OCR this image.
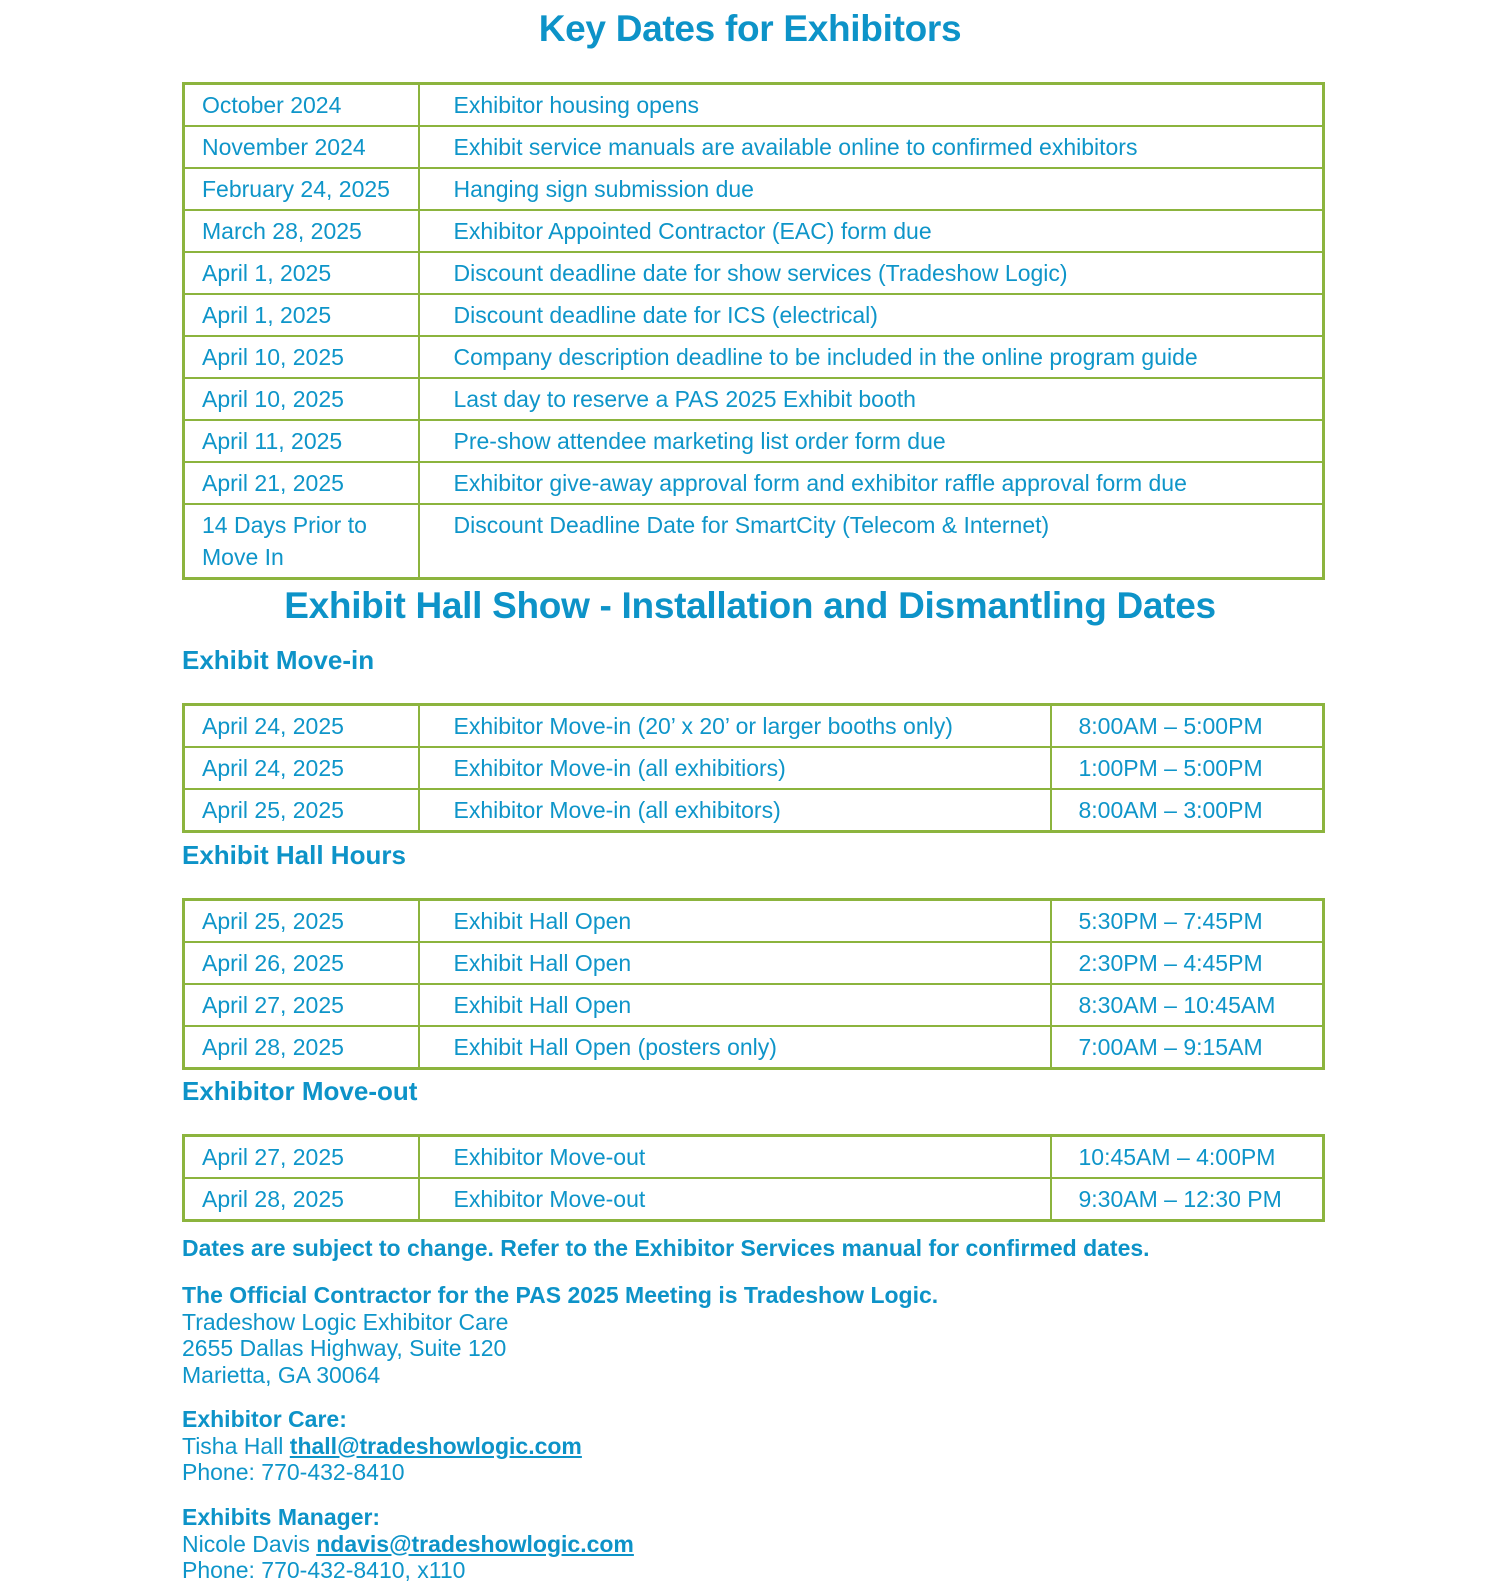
Key Dates for Exhibitors
October 2024	Exhibitor housing opens
November 2024	Exhibit service manuals are available online to confirmed exhibitors
February 24, 2025	Hanging sign submission due
March 28, 2025	Exhibitor Appointed Contractor (EAC) form due
April 1, 2025	Discount deadline date for show services (Tradeshow Logic)
April 1, 2025	Discount deadline date for ICS (electrical)
April 10, 2025	Company description deadline to be included in the online program guide
April 10, 2025	Last day to reserve a PAS 2025 Exhibit booth
April 11, 2025	Pre-show attendee marketing list order form due
April 21, 2025	Exhibitor give-away approval form and exhibitor raffle approval form due
14 Days Prior to Move In	Discount Deadline Date for SmartCity (Telecom & Internet)
Exhibit Hall Show - Installation and Dismantling Dates
Exhibit Move-in
April 24, 2025	Exhibitor Move-in (20’ x 20’ or larger booths only)	8:00AM – 5:00PM
April 24, 2025	Exhibitor Move-in (all exhibitiors)	1:00PM – 5:00PM
April 25, 2025	Exhibitor Move-in (all exhibitors)	8:00AM – 3:00PM
Exhibit Hall Hours
April 25, 2025	Exhibit Hall Open	5:30PM – 7:45PM
April 26, 2025	Exhibit Hall Open	2:30PM – 4:45PM
April 27, 2025	Exhibit Hall Open	8:30AM – 10:45AM
April 28, 2025	Exhibit Hall Open (posters only)	7:00AM – 9:15AM
Exhibitor Move-out
April 27, 2025	Exhibitor Move-out	10:45AM – 4:00PM
April 28, 2025	Exhibitor Move-out	9:30AM – 12:30 PM

Dates are subject to change. Refer to the Exhibitor Services manual for confirmed dates.

The Official Contractor for the PAS 2025 Meeting is Tradeshow Logic.
Tradeshow Logic Exhibitor Care
2655 Dallas Highway, Suite 120
Marietta, GA 30064
Exhibitor Care:
Tisha Hall thall@tradeshowlogic.com
Phone: 770-432-8410
Exhibits Manager:
Nicole Davis ndavis@tradeshowlogic.com
Phone: 770-432-8410, x110
